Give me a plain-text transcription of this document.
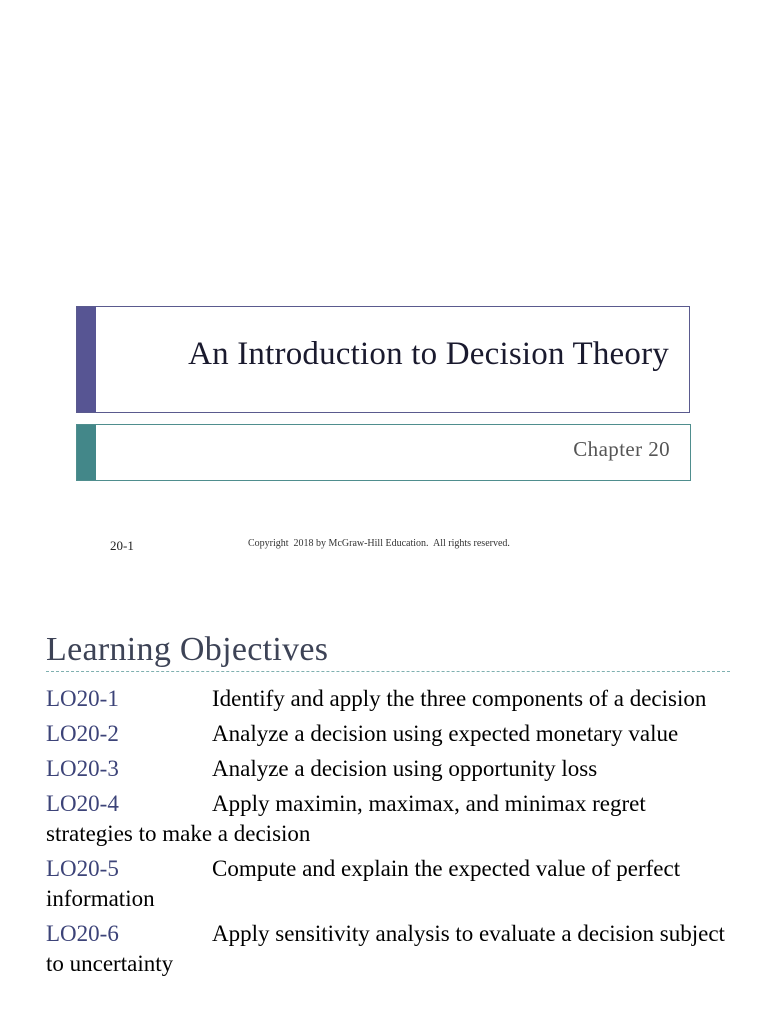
An Introduction to Decision Theory
Chapter 20
20-1	Copyright  2018 by McGraw-Hill Education.  All rights reserved.
Learning Objectives
LO20-1	Identify and apply the three components of a decision
LO20-2	Analyze a decision using expected monetary value
LO20-3	Analyze a decision using opportunity loss
LO20-4	Apply maximin, maximax, and minimax regret strategies to make a decision
LO20-5	Compute and explain the expected value of perfect information
LO20-6	Apply sensitivity analysis to evaluate a decision subject to uncertainty
